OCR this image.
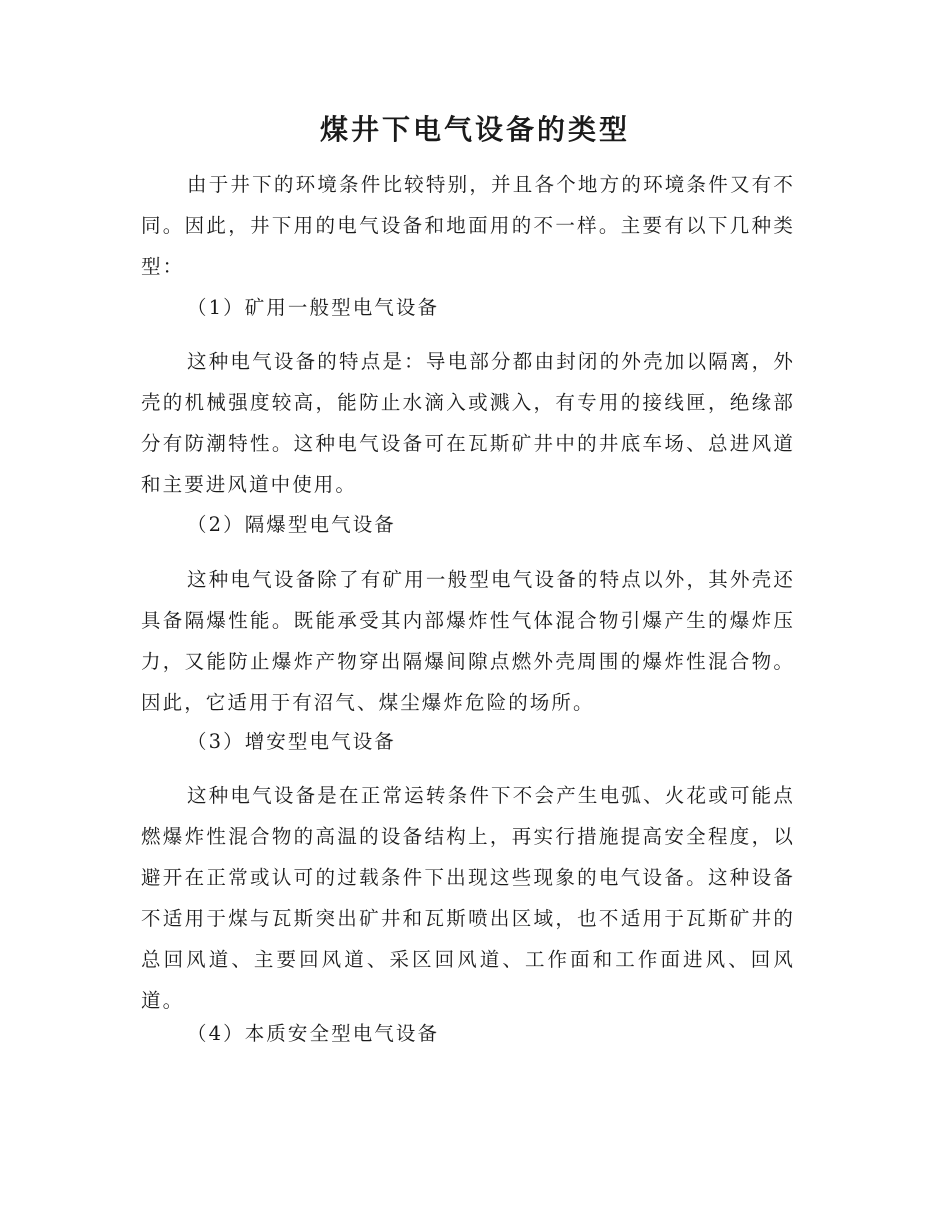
煤井下电气设备的类型

由于井下的环境条件比较特别，并且各个地方的环境条件又有不同。因此，井下用的电气设备和地面用的不一样。主要有以下几种类型：

（1）矿用一般型电气设备

这种电气设备的特点是：导电部分都由封闭的外壳加以隔离，外壳的机械强度较高，能防止水滴入或溅入，有专用的接线匣，绝缘部分有防潮特性。这种电气设备可在瓦斯矿井中的井底车场、总进风道和主要进风道中使用。

（2）隔爆型电气设备

这种电气设备除了有矿用一般型电气设备的特点以外，其外壳还具备隔爆性能。既能承受其内部爆炸性气体混合物引爆产生的爆炸压力，又能防止爆炸产物穿出隔爆间隙点燃外壳周围的爆炸性混合物。因此，它适用于有沼气、煤尘爆炸危险的场所。

（3）增安型电气设备

这种电气设备是在正常运转条件下不会产生电弧、火花或可能点燃爆炸性混合物的高温的设备结构上，再实行措施提高安全程度，以避开在正常或认可的过载条件下出现这些现象的电气设备。这种设备不适用于煤与瓦斯突出矿井和瓦斯喷出区域，也不适用于瓦斯矿井的总回风道、主要回风道、采区回风道、工作面和工作面进风、回风道。

（4）本质安全型电气设备
